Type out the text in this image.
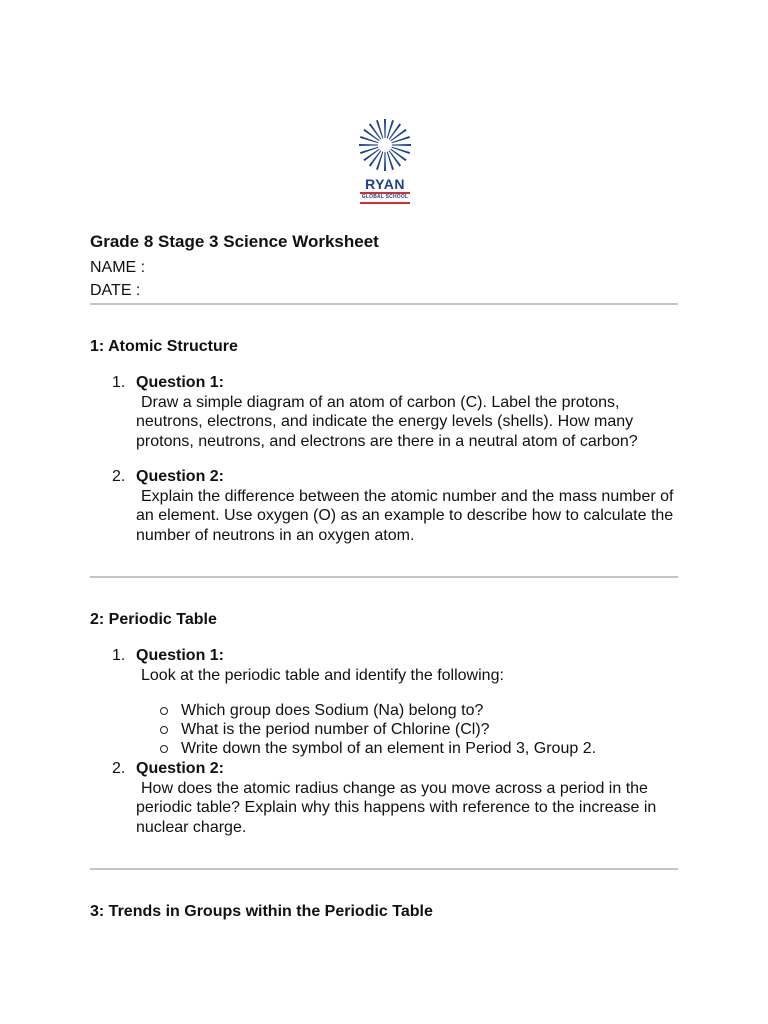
RYAN
GLOBAL SCHOOL
Grade 8 Stage 3 Science Worksheet
NAME :
DATE :
1: Atomic Structure
1. Question 1:
Draw a simple diagram of an atom of carbon (C). Label the protons, neutrons, electrons, and indicate the energy levels (shells). How many protons, neutrons, and electrons are there in a neutral atom of carbon?
2. Question 2:
Explain the difference between the atomic number and the mass number of an element. Use oxygen (O) as an example to describe how to calculate the number of neutrons in an oxygen atom.
2: Periodic Table
1. Question 1:
Look at the periodic table and identify the following:
Which group does Sodium (Na) belong to?
What is the period number of Chlorine (Cl)?
Write down the symbol of an element in Period 3, Group 2.
2. Question 2:
How does the atomic radius change as you move across a period in the periodic table? Explain why this happens with reference to the increase in nuclear charge.
3: Trends in Groups within the Periodic Table
